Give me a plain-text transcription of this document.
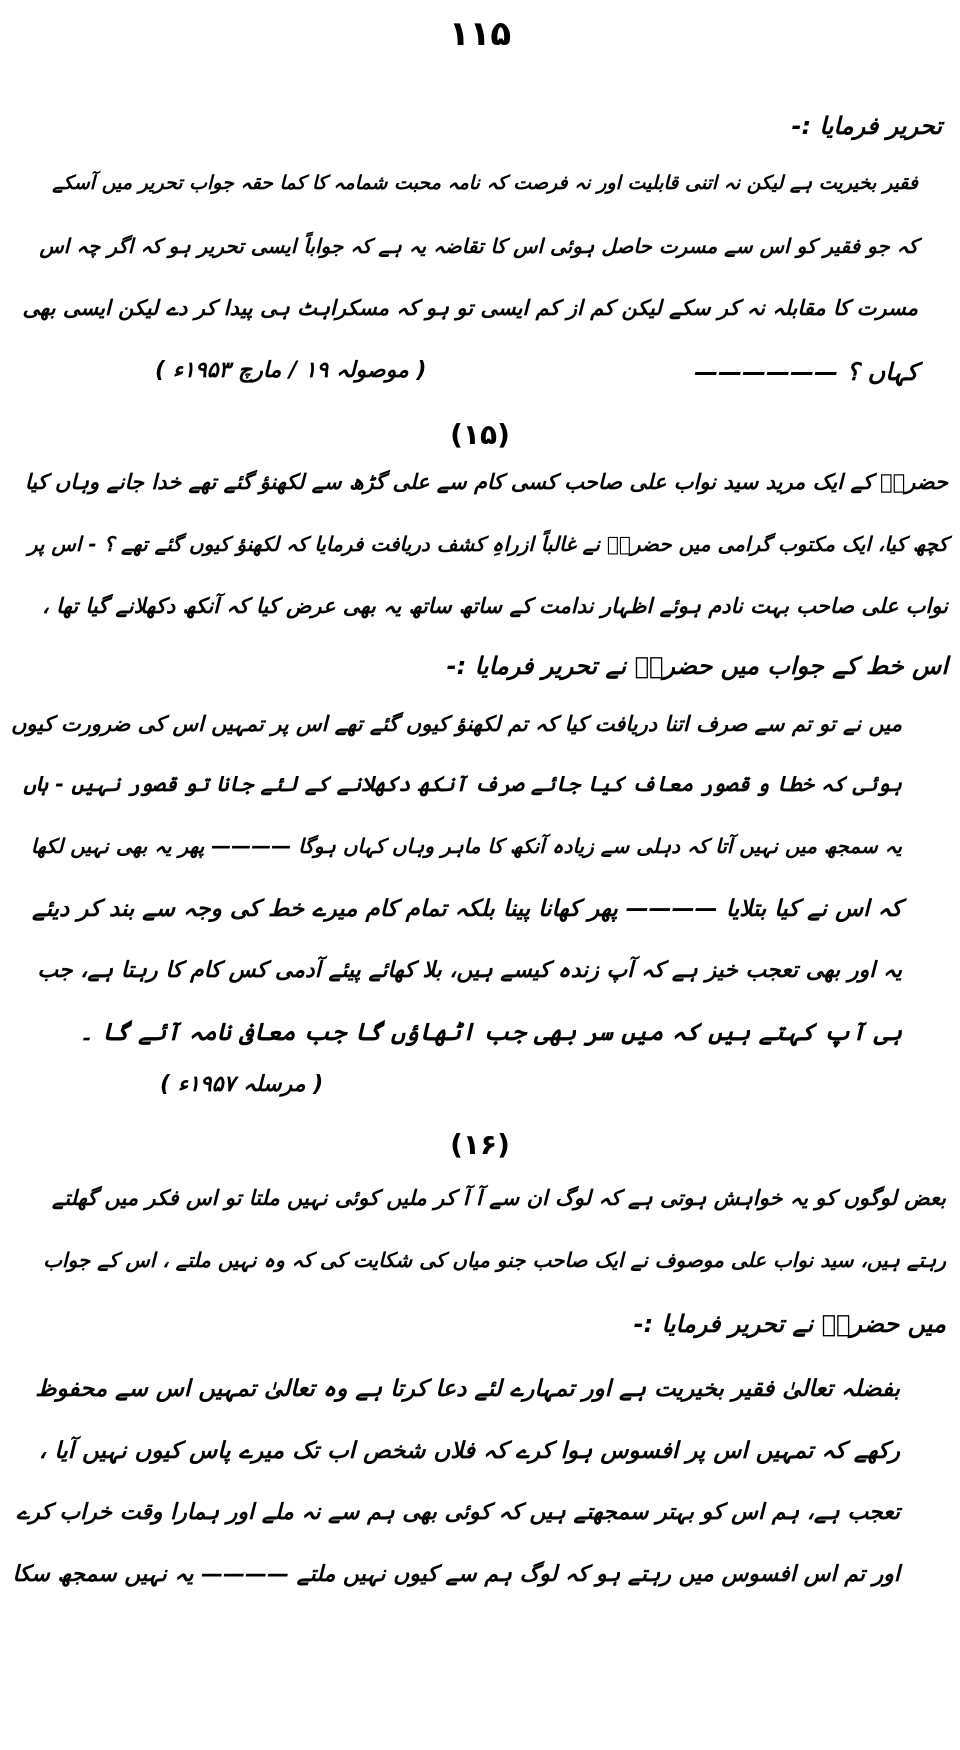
۱۱۵
تحریر فرمایا :-
فقیر بخیریت ہے لیکن نہ اتنی قابلیت اور نہ فرصت کہ نامہ محبت شمامہ کا کما حقہ جواب تحریر میں آسکے
کہ جو فقیر کو اس سے مسرت حاصل ہوئی اس کا تقاضہ یہ ہے کہ جواباً ایسی تحریر ہو کہ اگر چہ اس
مسرت کا مقابلہ نہ کر سکے لیکن کم از کم ایسی تو ہو کہ مسکراہٹ ہی پیدا کر دے لیکن ایسی بھی
کہاں ؟ ——————
( موصولہ ۱۹ / مارچ ۱۹۵۳ء )
(۱۵)
حضرتؒ کے ایک مرید سید نواب علی صاحب کسی کام سے علی گڑھ سے لکھنؤ گئے تھے خدا جانے وہاں کیا
کچھ کیا، ایک مکتوب گرامی میں حضرتؒ نے غالباً ازراہِ کشف دریافت فرمایا کہ لکھنؤ کیوں گئے تھے ؟ - اس پر
نواب علی صاحب بہت نادم ہوئے اظہار ندامت کے ساتھ ساتھ یہ بھی عرض کیا کہ آنکھ دکھلانے گیا تھا ،
اس خط کے جواب میں حضرتؒ نے تحریر فرمایا :-
میں نے تو تم سے صرف اتنا دریافت کیا کہ تم لکھنؤ کیوں گئے تھے اس پر تمہیں اس کی ضرورت کیوں
ہوئی کہ خطا و قصور معاف کیا جائے صرف آنکھ دکھلانے کے لئے جانا تو قصور نہیں - ہاں
یہ سمجھ میں نہیں آتا کہ دہلی سے زیادہ آنکھ کا ماہر وہاں کہاں ہوگا ———— پھر یہ بھی نہیں لکھا
کہ اس نے کیا بتلایا ———— پھر کھانا پینا بلکہ تمام کام میرے خط کی وجہ سے بند کر دیئے
یہ اور بھی تعجب خیز ہے کہ آپ زندہ کیسے ہیں، بلا کھائے پیئے آدمی کس کام کا رہتا ہے، جب
ہی آپ کہتے ہیں کہ میں سر بھی جب اٹھاؤں گا جب معافی نامہ آئے گا ۔
( مرسلہ ۱۹۵۷ء )
(۱۶)
بعض لوگوں کو یہ خواہش ہوتی ہے کہ لوگ ان سے آ آ کر ملیں کوئی نہیں ملتا تو اس فکر میں گھلتے
رہتے ہیں، سید نواب علی موصوف نے ایک صاحب جنو میاں کی شکایت کی کہ وہ نہیں ملتے ، اس کے جواب
میں حضرتؒ نے تحریر فرمایا :-
بفضلہ تعالیٰ فقیر بخیریت ہے اور تمہارے لئے دعا کرتا ہے وہ تعالیٰ تمہیں اس سے محفوظ
رکھے کہ تمہیں اس پر افسوس ہوا کرے کہ فلاں شخص اب تک میرے پاس کیوں نہیں آیا ،
تعجب ہے، ہم اس کو بہتر سمجھتے ہیں کہ کوئی بھی ہم سے نہ ملے اور ہمارا وقت خراب کرے
اور تم اس افسوس میں رہتے ہو کہ لوگ ہم سے کیوں نہیں ملتے ———— یہ نہیں سمجھ سکا
